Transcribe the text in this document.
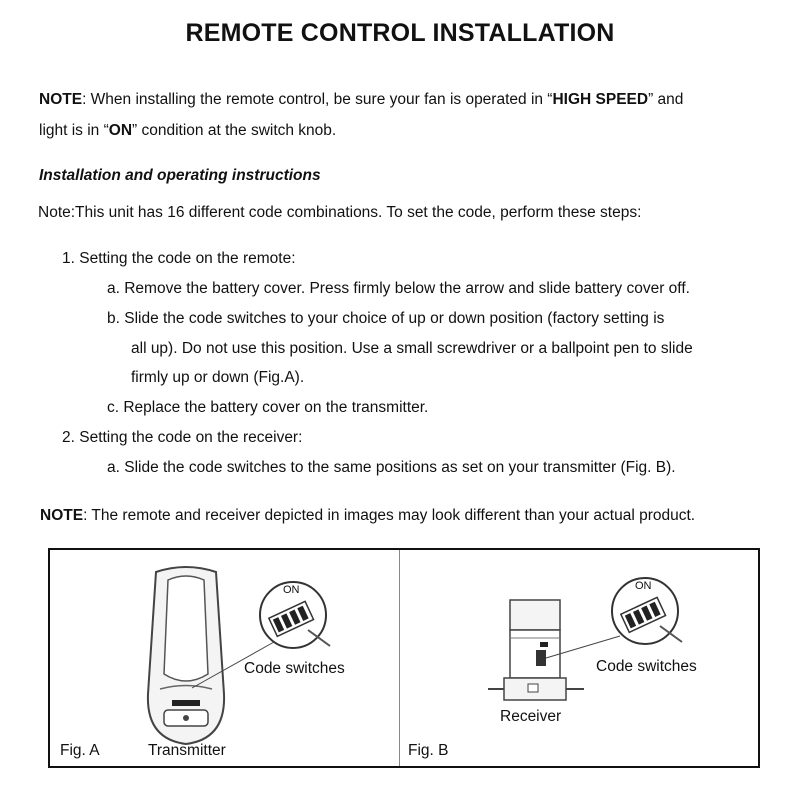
REMOTE CONTROL INSTALLATION
NOTE: When installing the remote control, be sure your fan is operated in “HIGH SPEED” and
light is in “ON” condition at the switch knob.
Installation and operating instructions
Note:This unit has 16 different code combinations. To set the code, perform these steps:
1. Setting the code on the remote:
a. Remove the battery cover. Press firmly below the arrow and slide battery cover off.
b. Slide the code switches to your choice of up or down position (factory setting is
all up). Do not use this position. Use a small screwdriver or a ballpoint pen to slide
firmly up or down (Fig.A).
c. Replace the battery cover on the transmitter.
2. Setting the code on the receiver:
a. Slide the code switches to the same positions as set on your transmitter (Fig. B).
NOTE: The remote and receiver depicted in images may look different than your actual product.
ON
Code switches
Transmitter
Fig. A
ON
Code switches
Receiver
Fig. B
